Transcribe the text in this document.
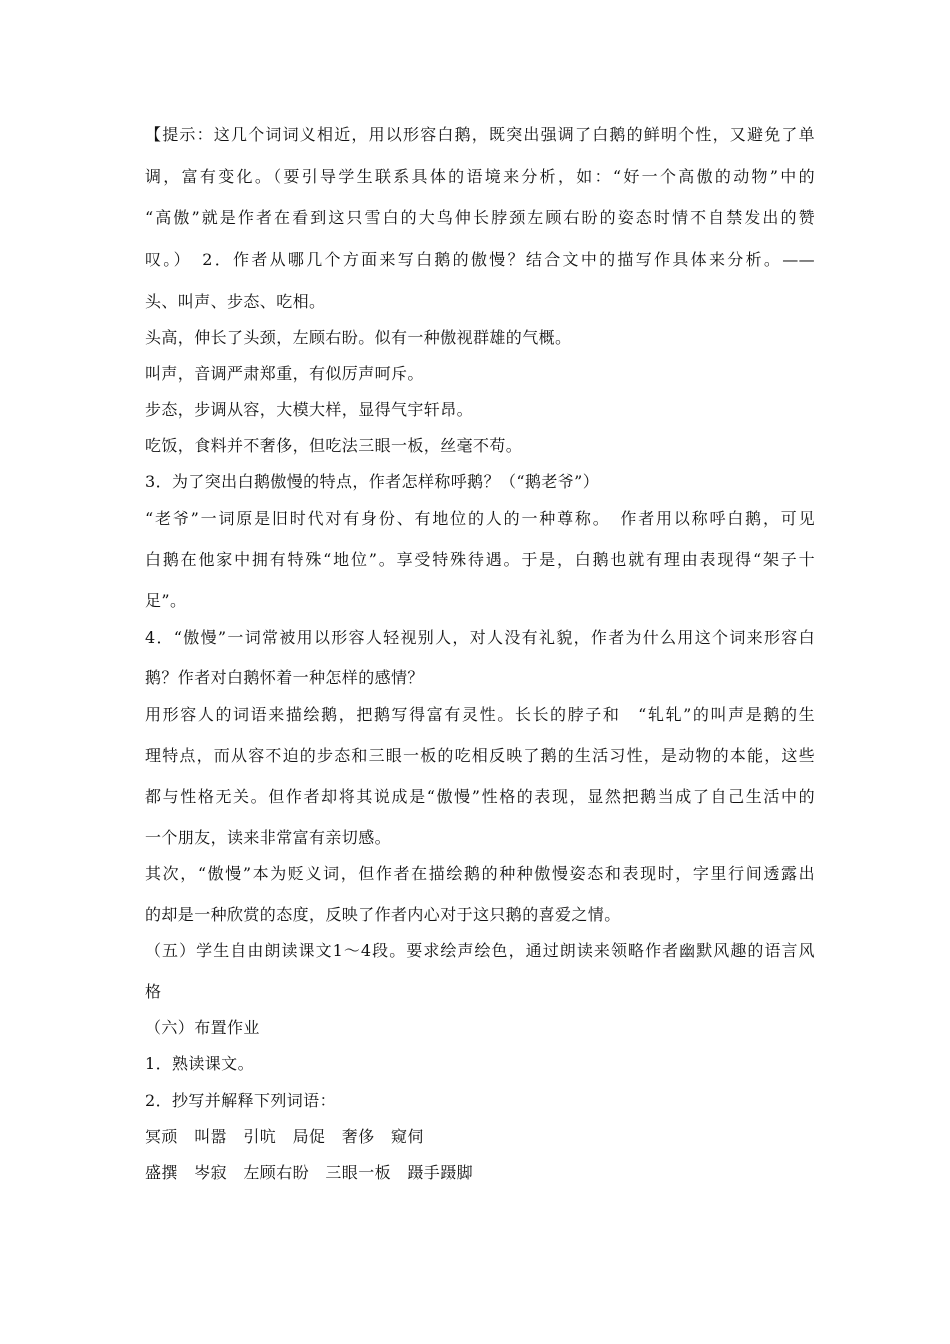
【提示：这几个词词义相近，用以形容白鹅，既突出强调了白鹅的鲜明个性，又避免了单
调，富有变化。（要引导学生联系具体的语境来分析，如：“好一个高傲的动物”中的
“高傲”就是作者在看到这只雪白的大鸟伸长脖颈左顾右盼的姿态时情不自禁发出的赞
叹。）　2．作者从哪几个方面来写白鹅的傲慢？结合文中的描写作具体来分析。——
头、叫声、步态、吃相。
头高，伸长了头颈，左顾右盼。似有一种傲视群雄的气概。
叫声，音调严肃郑重，有似厉声呵斥。
步态，步调从容，大模大样，显得气宇轩昂。
吃饭，食料并不奢侈，但吃法三眼一板，丝毫不苟。
3．为了突出白鹅傲慢的特点，作者怎样称呼鹅？（“鹅老爷”）
“老爷”一词原是旧时代对有身份、有地位的人的一种尊称。　作者用以称呼白鹅，可见
白鹅在他家中拥有特殊“地位”。享受特殊待遇。于是，白鹅也就有理由表现得“架子十
足”。
4．“傲慢”一词常被用以形容人轻视别人，对人没有礼貌，作者为什么用这个词来形容白
鹅？作者对白鹅怀着一种怎样的感情？
用形容人的词语来描绘鹅，把鹅写得富有灵性。长长的脖子和　“轧轧”的叫声是鹅的生
理特点，而从容不迫的步态和三眼一板的吃相反映了鹅的生活习性，是动物的本能，这些
都与性格无关。但作者却将其说成是“傲慢”性格的表现，显然把鹅当成了自己生活中的
一个朋友，读来非常富有亲切感。
其次，“傲慢”本为贬义词，但作者在描绘鹅的种种傲慢姿态和表现时，字里行间透露出
的却是一种欣赏的态度，反映了作者内心对于这只鹅的喜爱之情。
（五）学生自由朗读课文1～4段。要求绘声绘色，通过朗读来领略作者幽默风趣的语言风
格
（六）布置作业
1．熟读课文。
2．抄写并解释下列词语：
冥顽　叫嚣　引吭　局促　奢侈　窥伺
盛撰　岑寂　左顾右盼　三眼一板　蹑手蹑脚
